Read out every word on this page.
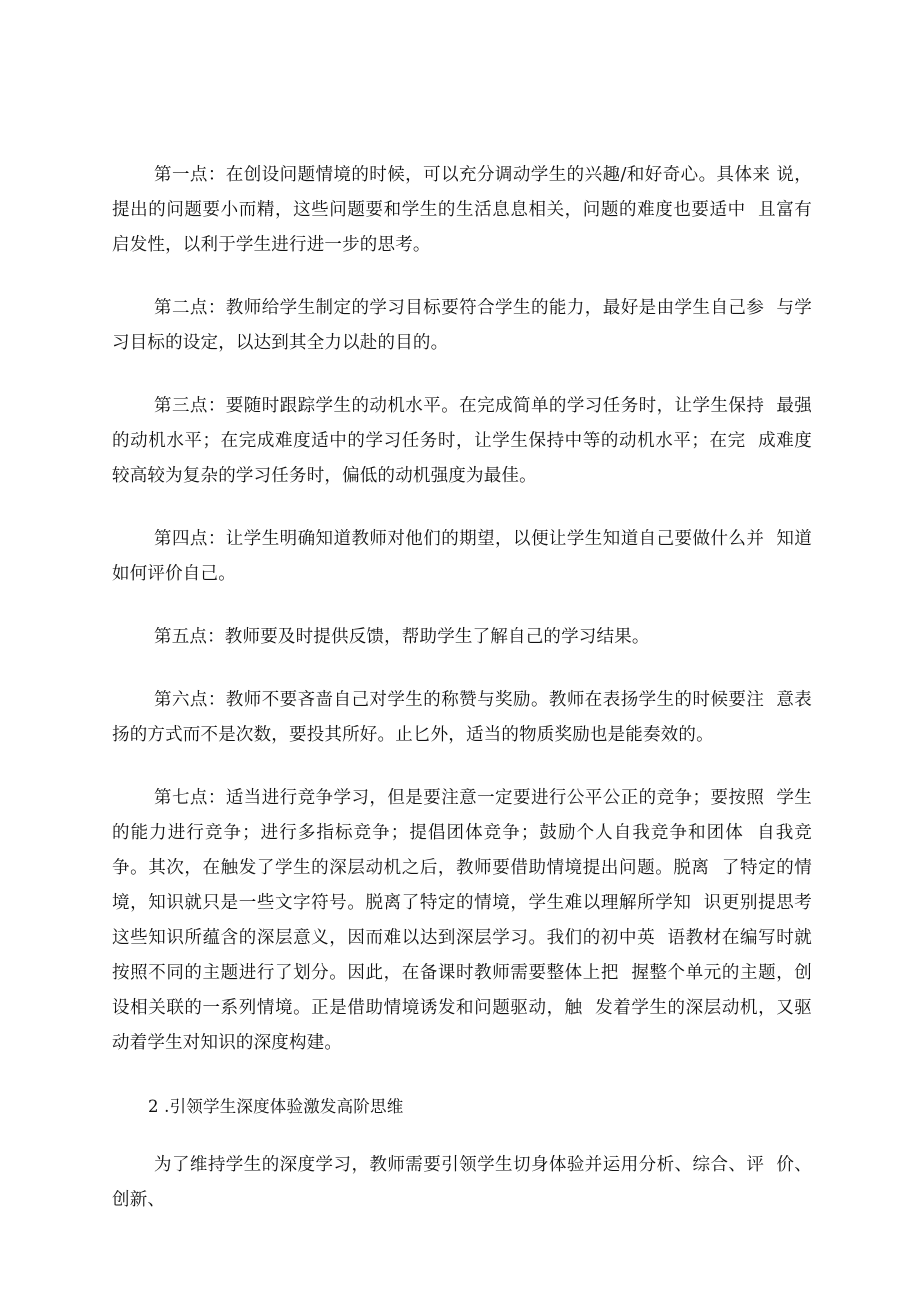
第一点：在创设问题情境的时候，可以充分调动学生的兴趣/和好奇心。具体来 说，提出的问题要小而精，这些问题要和学生的生活息息相关，问题的难度也要适中  且富有启发性，以利于学生进行进一步的思考。

第二点：教师给学生制定的学习目标要符合学生的能力，最好是由学生自己参  与学习目标的设定，以达到其全力以赴的目的。

第三点：要随时跟踪学生的动机水平。在完成简单的学习任务时，让学生保持  最强的动机水平；在完成难度适中的学习任务时，让学生保持中等的动机水平；在完  成难度较高较为复杂的学习任务时，偏低的动机强度为最佳。

第四点：让学生明确知道教师对他们的期望，以便让学生知道自己要做什么并  知道如何评价自己。

第五点：教师要及时提供反馈，帮助学生了解自己的学习结果。

第六点：教师不要吝啬自己对学生的称赞与奖励。教师在表扬学生的时候要注  意表扬的方式而不是次数，要投其所好。止匕外，适当的物质奖励也是能奏效的。

第七点：适当进行竞争学习，但是要注意一定要进行公平公正的竞争；要按照  学生的能力进行竞争；进行多指标竞争；提倡团体竞争；鼓励个人自我竞争和团体  自我竞争。其次，在触发了学生的深层动机之后，教师要借助情境提出问题。脱离  了特定的情境，知识就只是一些文字符号。脱离了特定的情境，学生难以理解所学知  识更别提思考这些知识所蕴含的深层意义，因而难以达到深层学习。我们的初中英  语教材在编写时就按照不同的主题进行了划分。因此，在备课时教师需要整体上把  握整个单元的主题，创设相关联的一系列情境。正是借助情境诱发和问题驱动，触  发着学生的深层动机，又驱动着学生对知识的深度构建。

2 .引领学生深度体验激发高阶思维

为了维持学生的深度学习，教师需要引领学生切身体验并运用分析、综合、评  价、创新、
